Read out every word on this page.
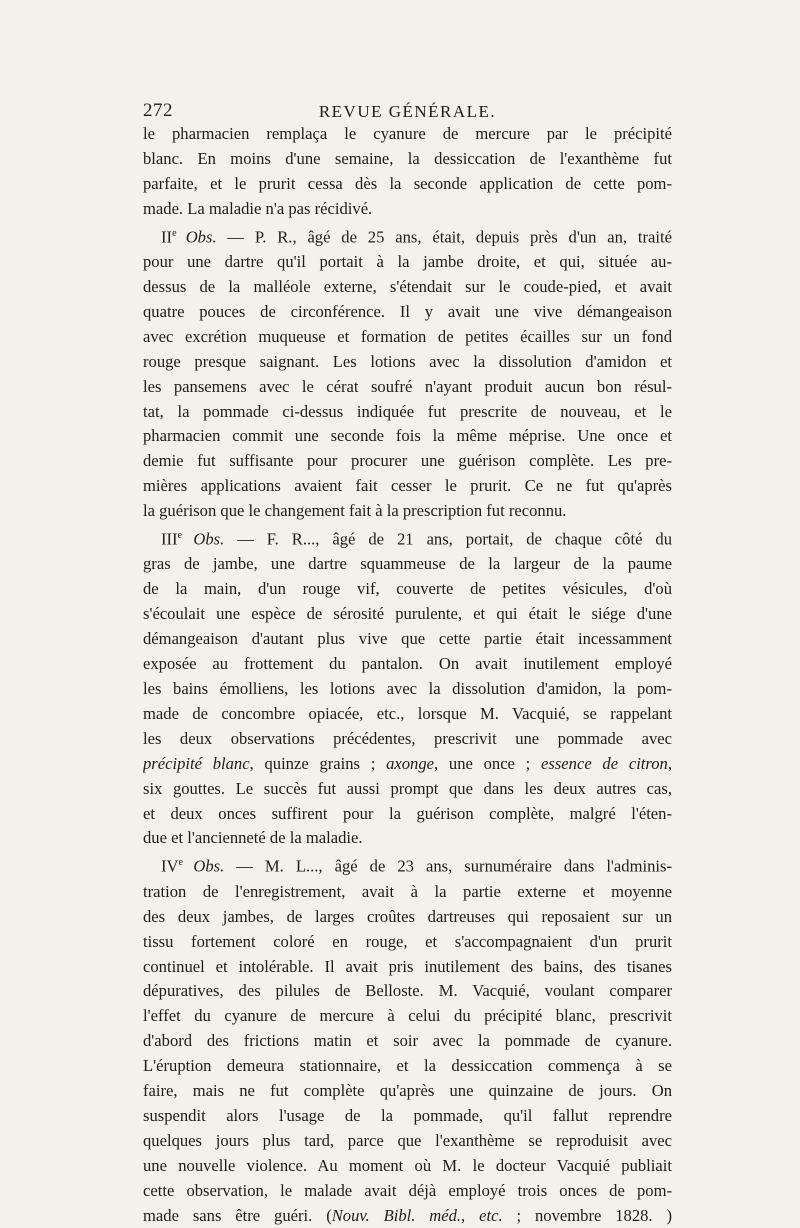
272	REVUE GÉNÉRALE.
le pharmacien remplaça le cyanure de mercure par le précipité
blanc. En moins d'une semaine, la dessiccation de l'exanthème fut
parfaite, et le prurit cessa dès la seconde application de cette pom-
made. La maladie n'a pas récidivé.
IIe Obs. — P. R., âgé de 25 ans, était, depuis près d'un an, traité
pour une dartre qu'il portait à la jambe droite, et qui, située au-
dessus de la malléole externe, s'étendait sur le coude-pied, et avait
quatre pouces de circonférence. Il y avait une vive démangeaison
avec excrétion muqueuse et formation de petites écailles sur un fond
rouge presque saignant. Les lotions avec la dissolution d'amidon et
les pansemens avec le cérat soufré n'ayant produit aucun bon résul-
tat, la pommade ci-dessus indiquée fut prescrite de nouveau, et le
pharmacien commit une seconde fois la même méprise. Une once et
demie fut suffisante pour procurer une guérison complète. Les pre-
mières applications avaient fait cesser le prurit. Ce ne fut qu'après
la guérison que le changement fait à la prescription fut reconnu.
IIIe Obs. — F. R..., âgé de 21 ans, portait, de chaque côté du
gras de jambe, une dartre squammeuse de la largeur de la paume
de la main, d'un rouge vif, couverte de petites vésicules, d'où
s'écoulait une espèce de sérosité purulente, et qui était le siége d'une
démangeaison d'autant plus vive que cette partie était incessamment
exposée au frottement du pantalon. On avait inutilement employé
les bains émolliens, les lotions avec la dissolution d'amidon, la pom-
made de concombre opiacée, etc., lorsque M. Vacquié, se rappelant
les deux observations précédentes, prescrivit une pommade avec
précipité blanc, quinze grains ; axonge, une once ; essence de citron,
six gouttes. Le succès fut aussi prompt que dans les deux autres cas,
et deux onces suffirent pour la guérison complète, malgré l'éten-
due et l'ancienneté de la maladie.
IVe Obs. — M. L..., âgé de 23 ans, surnuméraire dans l'adminis-
tration de l'enregistrement, avait à la partie externe et moyenne
des deux jambes, de larges croûtes dartreuses qui reposaient sur un
tissu fortement coloré en rouge, et s'accompagnaient d'un prurit
continuel et intolérable. Il avait pris inutilement des bains, des tisanes
dépuratives, des pilules de Belloste. M. Vacquié, voulant comparer
l'effet du cyanure de mercure à celui du précipité blanc, prescrivit
d'abord des frictions matin et soir avec la pommade de cyanure.
L'éruption demeura stationnaire, et la dessiccation commença à se
faire, mais ne fut complète qu'après une quinzaine de jours. On
suspendit alors l'usage de la pommade, qu'il fallut reprendre
quelques jours plus tard, parce que l'exanthème se reproduisit avec
une nouvelle violence. Au moment où M. le docteur Vacquié publiait
cette observation, le malade avait déjà employé trois onces de pom-
made sans être guéri. (Nouv. Bibl. méd., etc. ; novembre 1828. )
